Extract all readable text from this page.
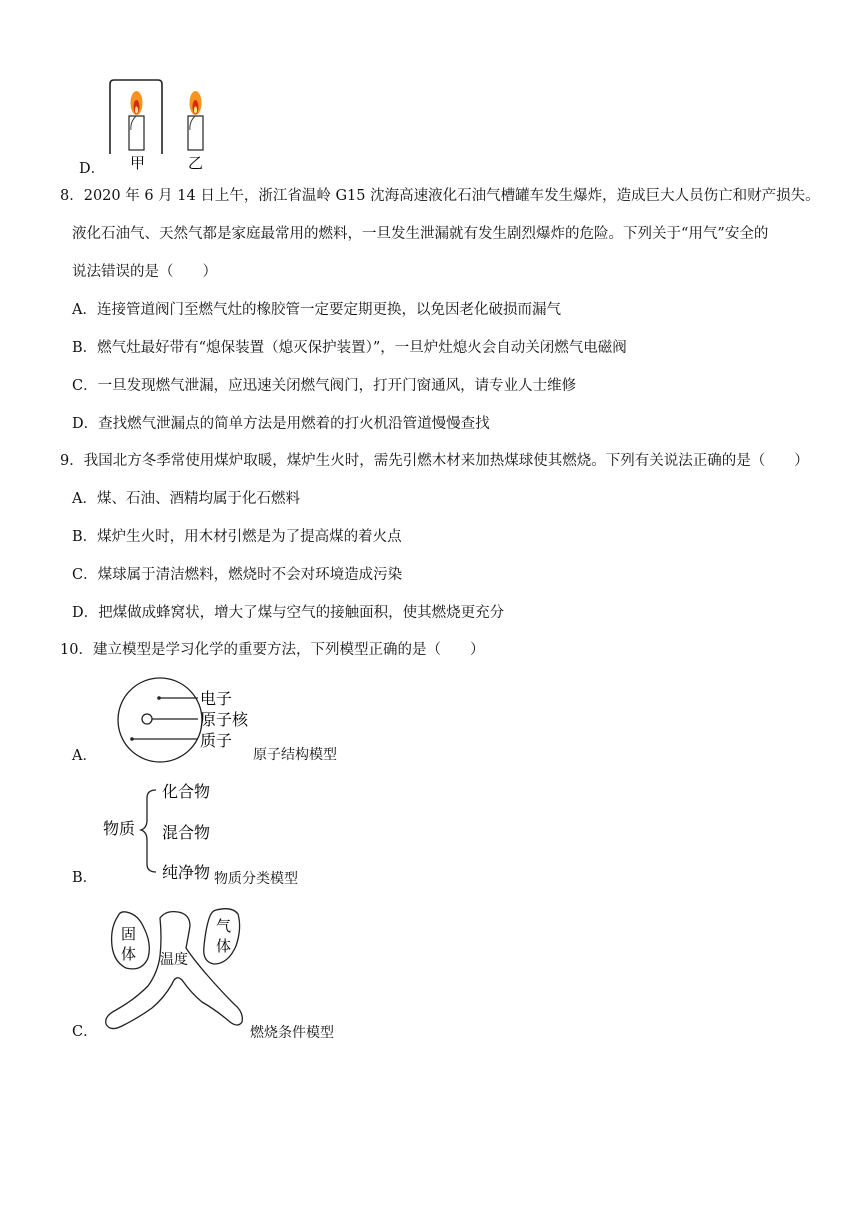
D． 甲	乙
8．2020 年 6 月 14 日上午，浙江省温岭 G15 沈海高速液化石油气槽罐车发生爆炸，造成巨大人员伤亡和财产损失。
液化石油气、天然气都是家庭最常用的燃料，一旦发生泄漏就有发生剧烈爆炸的危险。下列关于“用气”安全的
说法错误的是（　　）
A．连接管道阀门至燃气灶的橡胶管一定要定期更换，以免因老化破损而漏气
B．燃气灶最好带有“熄保装置（熄灭保护装置）”，一旦炉灶熄火会自动关闭燃气电磁阀
C．一旦发现燃气泄漏，应迅速关闭燃气阀门，打开门窗通风，请专业人士维修
D．查找燃气泄漏点的简单方法是用燃着的打火机沿管道慢慢查找
9．我国北方冬季常使用煤炉取暖，煤炉生火时，需先引燃木材来加热煤球使其燃烧。下列有关说法正确的是（　　）
A．煤、石油、酒精均属于化石燃料
B．煤炉生火时，用木材引燃是为了提高煤的着火点
C．煤球属于清洁燃料，燃烧时不会对环境造成污染
D．把煤做成蜂窝状，增大了煤与空气的接触面积，使其燃烧更充分
10．建立模型是学习化学的重要方法，下列模型正确的是（　　）
A．
电子
原子核
质子
原子结构模型
B．
物质
化合物
混合物
纯净物 物质分类模型
C．
固
体
气
体
温度
燃烧条件模型
